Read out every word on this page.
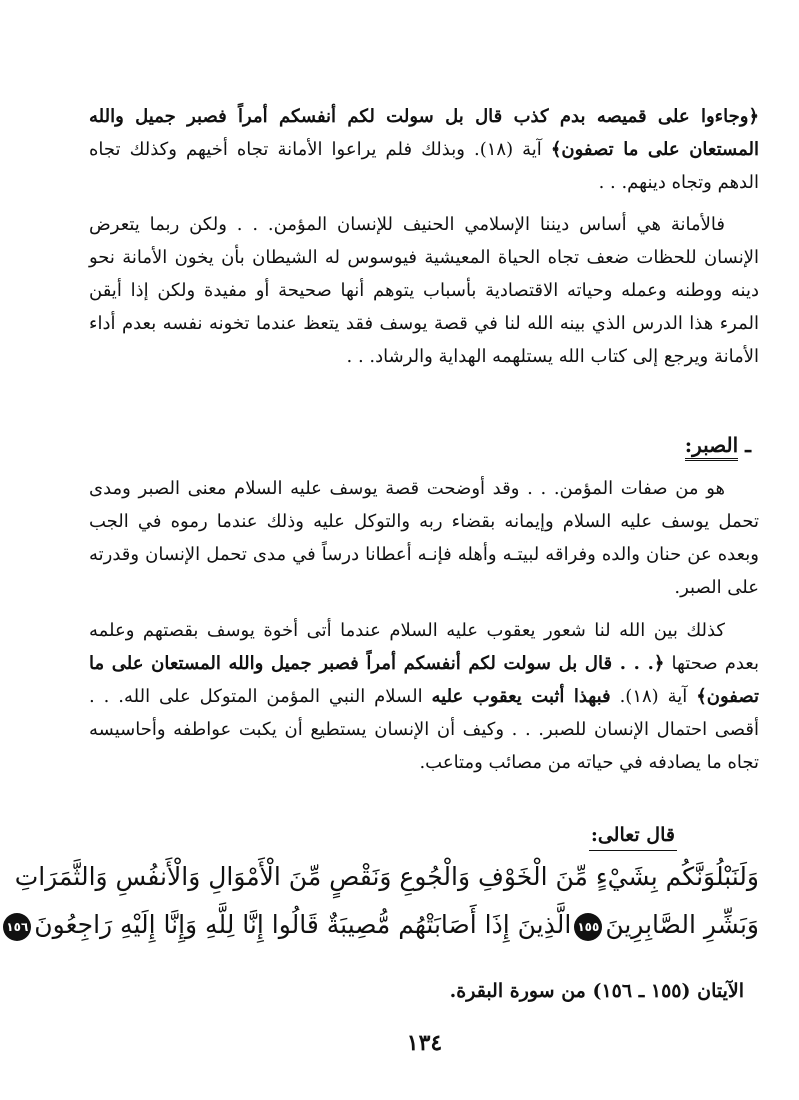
﴿وجاءوا على قميصه بدم كذب قال بل سولت لكم أنفسكم أمراً فصبر جميل والله المستعان على ما تصفون﴾ آية (١٨). وبذلك فلم يراعوا الأمانة تجاه أخيهم وكذلك تجاه الدهم وتجاه دينهم. . .

فالأمانة هي أساس ديننا الإسلامي الحنيف للإنسان المؤمن. . . ولكن ربما يتعرض الإنسان للحظات ضعف تجاه الحياة المعيشية فيوسوس له الشيطان بأن يخون الأمانة نحو دينه ووطنه وعمله وحياته الاقتصادية بأسباب يتوهم أنها صحيحة أو مفيدة ولكن إذا أيقن المرء هذا الدرس الذي بينه الله لنا في قصة يوسف فقد يتعظ عندما تخونه نفسه بعدم أداء الأمانة ويرجع إلى كتاب الله يستلهمه الهداية والرشاد. . .

ـ الصبر:

هو من صفات المؤمن. . . وقد أوضحت قصة يوسف عليه السلام معنى الصبر ومدى تحمل يوسف عليه السلام وإيمانه بقضاء ربه والتوكل عليه وذلك عندما رموه في الجب وبعده عن حنان والده وفراقه لبيتـه وأهله فإنـه أعطانا درساً في مدى تحمل الإنسان وقدرته على الصبر.

كذلك بين الله لنا شعور يعقوب عليه السلام عندما أتى أخوة يوسف بقصتهم وعلمه بعدم صحتها ﴿. . . قال بل سولت لكم أنفسكم أمراً فصبر جميل والله المستعان على ما تصفون﴾ آية (١٨). فبهذا أثبت يعقوب عليه السلام النبي المؤمن المتوكل على الله. . . أقصى احتمال الإنسان للصبر. . . وكيف أن الإنسان يستطيع أن يكبت عواطفه وأحاسيسه تجاه ما يصادفه في حياته من مصائب ومتاعب.

قال تعالى:

وَلَنَبْلُوَنَّكُم بِشَيْءٍ مِّنَ الْخَوْفِ وَالْجُوعِ وَنَقْصٍ مِّنَ الْأَمْوَالِ وَالْأَنفُسِ وَالثَّمَرَاتِ

وَبَشِّرِ الصَّابِرِينَ١٥٥الَّذِينَ إِذَا أَصَابَتْهُم مُّصِيبَةٌ قَالُوا إِنَّا لِلَّهِ وَإِنَّا إِلَيْهِ رَاجِعُونَ١٥٦

الآيتان (١٥٥ ـ ١٥٦) من سورة البقرة.

١٣٤
